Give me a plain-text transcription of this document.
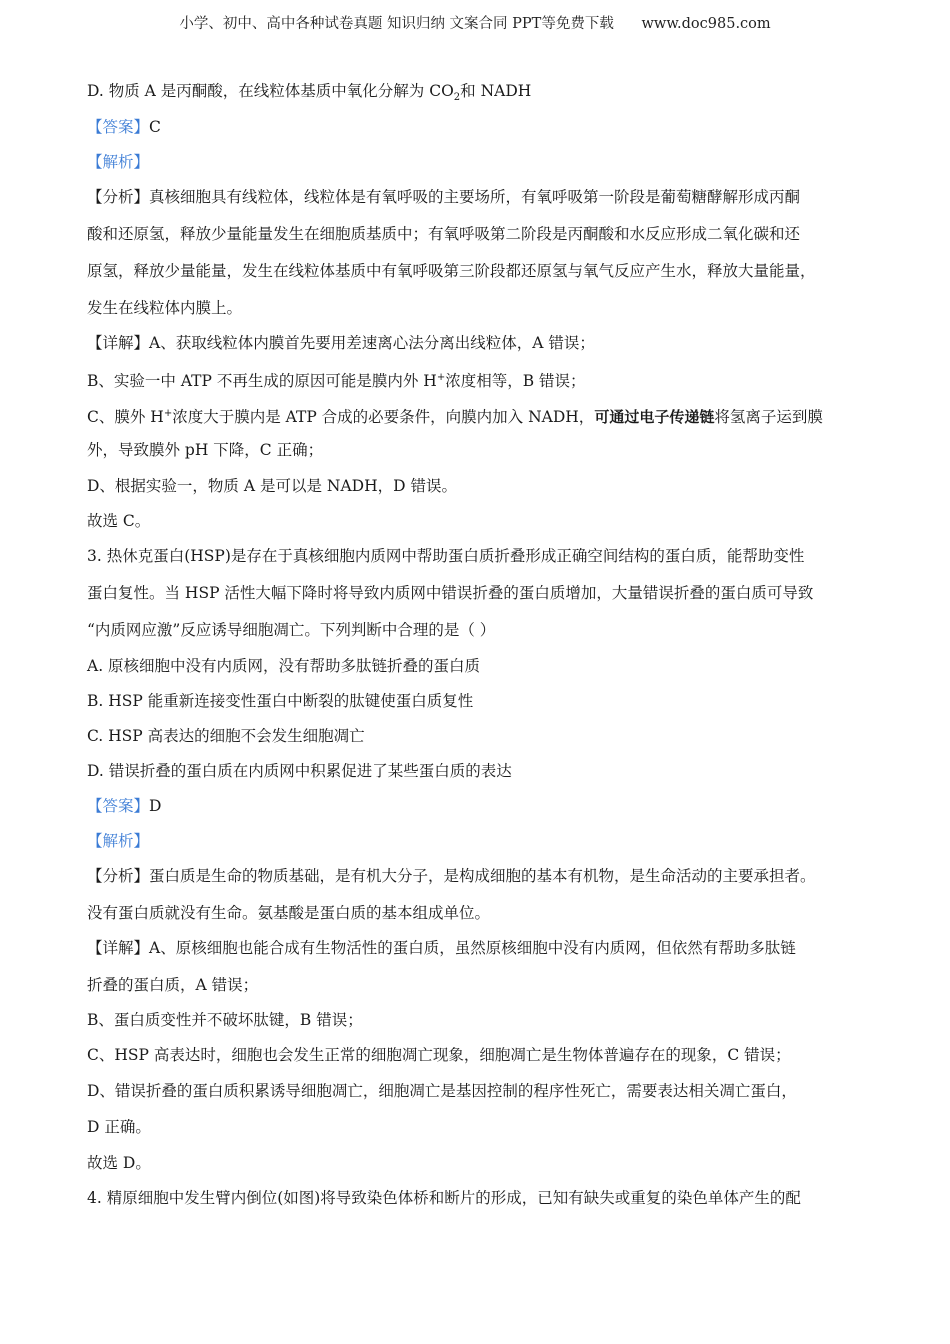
小学、初中、高中各种试卷真题 知识归纳 文案合同 PPT等免费下载      www.doc985.com
D. 物质 A 是丙酮酸，在线粒体基质中氧化分解为 $CO_2$和 NADH
【答案】C
【解析】
【分析】真核细胞具有线粒体，线粒体是有氧呼吸的主要场所，有氧呼吸第一阶段是葡萄糖酵解形成丙酮
酸和还原氢，释放少量能量发生在细胞质基质中；有氧呼吸第二阶段是丙酮酸和水反应形成二氧化碳和还
原氢，释放少量能量，发生在线粒体基质中有氧呼吸第三阶段都还原氢与氧气反应产生水，释放大量能量，
发生在线粒体内膜上。
【详解】A、获取线粒体内膜首先要用差速离心法分离出线粒体，A 错误；
B、实验一中 ATP 不再生成的原因可能是膜内外 H+浓度相等，B 错误；
C、膜外 H+浓度大于膜内是 ATP 合成的必要条件，向膜内加入 NADH，可通过电子传递链将氢离子运到膜
外，导致膜外 pH 下降，C 正确；
D、根据实验一，物质 A 是可以是 NADH，D 错误。
故选 C。
3. 热休克蛋白(HSP)是存在于真核细胞内质网中帮助蛋白质折叠形成正确空间结构的蛋白质，能帮助变性
蛋白复性。当 HSP 活性大幅下降时将导致内质网中错误折叠的蛋白质增加，大量错误折叠的蛋白质可导致
“内质网应激”反应诱导细胞凋亡。下列判断中合理的是（ ）
A. 原核细胞中没有内质网，没有帮助多肽链折叠的蛋白质
B. HSP 能重新连接变性蛋白中断裂的肽键使蛋白质复性
C. HSP 高表达的细胞不会发生细胞凋亡
D. 错误折叠的蛋白质在内质网中积累促进了某些蛋白质的表达
【答案】D
【解析】
【分析】蛋白质是生命的物质基础，是有机大分子，是构成细胞的基本有机物，是生命活动的主要承担者。
没有蛋白质就没有生命。氨基酸是蛋白质的基本组成单位。
【详解】A、原核细胞也能合成有生物活性的蛋白质，虽然原核细胞中没有内质网，但依然有帮助多肽链
折叠的蛋白质，A 错误；
B、蛋白质变性并不破坏肽键，B 错误；
C、HSP 高表达时，细胞也会发生正常的细胞凋亡现象，细胞凋亡是生物体普遍存在的现象，C 错误；
D、错误折叠的蛋白质积累诱导细胞凋亡，细胞凋亡是基因控制的程序性死亡，需要表达相关凋亡蛋白，
D 正确。
故选 D。
4. 精原细胞中发生臂内倒位(如图)将导致染色体桥和断片的形成，已知有缺失或重复的染色单体产生的配
